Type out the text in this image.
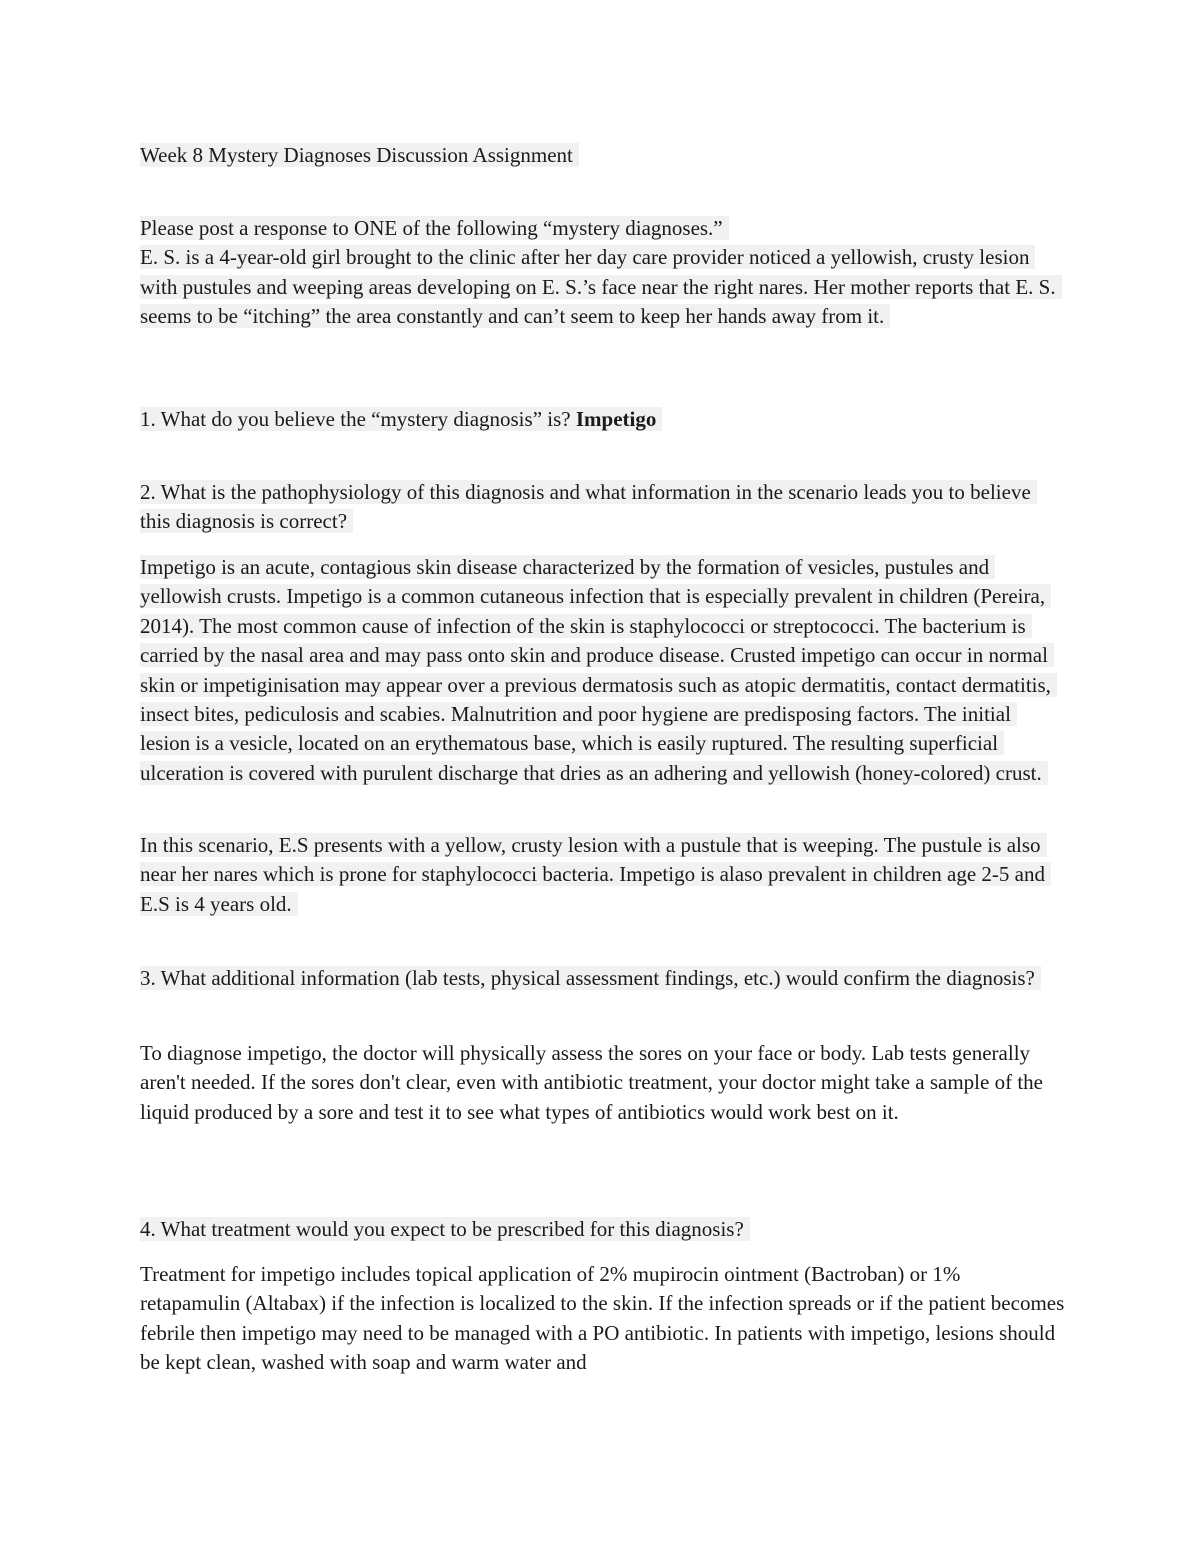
Week 8 Mystery Diagnoses Discussion Assignment

Please post a response to ONE of the following “mystery diagnoses.”
E. S. is a 4-year-old girl brought to the clinic after her day care provider noticed a yellowish, crusty lesion with pustules and weeping areas developing on E. S.’s face near the right nares. Her mother reports that E. S. seems to be “itching” the area constantly and can’t seem to keep her hands away from it.

1. What do you believe the “mystery diagnosis” is? Impetigo

2. What is the pathophysiology of this diagnosis and what information in the scenario leads you to believe this diagnosis is correct?

Impetigo is an acute, contagious skin disease characterized by the formation of vesicles, pustules and yellowish crusts. Impetigo is a common cutaneous infection that is especially prevalent in children (Pereira, 2014). The most common cause of infection of the skin is staphylococci or streptococci. The bacterium is carried by the nasal area and may pass onto skin and produce disease. Crusted impetigo can occur in normal skin or impetiginisation may appear over a previous dermatosis such as atopic dermatitis, contact dermatitis, insect bites, pediculosis and scabies. Malnutrition and poor hygiene are predisposing factors. The initial lesion is a vesicle, located on an erythematous base, which is easily ruptured. The resulting superficial ulceration is covered with purulent discharge that dries as an adhering and yellowish (honey-colored) crust.

In this scenario, E.S presents with a yellow, crusty lesion with a pustule that is weeping. The pustule is also near her nares which is prone for staphylococci bacteria. Impetigo is alaso prevalent in children age 2-5 and E.S is 4 years old.

3. What additional information (lab tests, physical assessment findings, etc.) would confirm the diagnosis?

To diagnose impetigo, the doctor will physically assess the sores on your face or body. Lab tests generally aren't needed. If the sores don't clear, even with antibiotic treatment, your doctor might take a sample of the liquid produced by a sore and test it to see what types of antibiotics would work best on it.

4. What treatment would you expect to be prescribed for this diagnosis?

Treatment for impetigo includes topical application of 2% mupirocin ointment (Bactroban) or 1% retapamulin (Altabax) if the infection is localized to the skin. If the infection spreads or if the patient becomes febrile then impetigo may need to be managed with a PO antibiotic. In patients with impetigo, lesions should be kept clean, washed with soap and warm water and
